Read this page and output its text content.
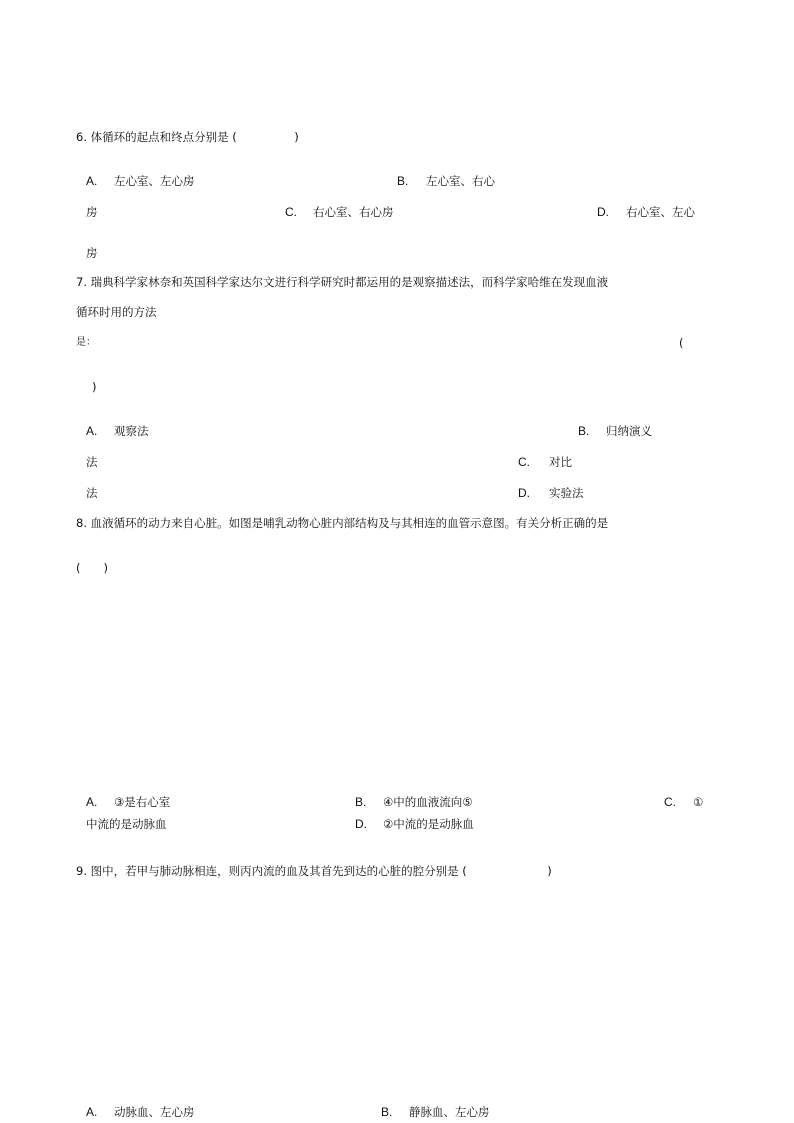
6. 体循环的起点和终点分别是 (　　　　　)
A. 左心室、左心房	B. 左心室、右心
房	C. 右心室、右心房	D. 右心室、左心
房
7. 瑞典科学家林奈和英国科学家达尔文进行科学研究时都运用的是观察描述法，而科学家哈维在发现血液
循环时用的方法
是：	(
)
A. 观察法	B. 归纳演义
法	C. 对比
法	D. 实验法
8. 血液循环的动力来自心脏。如图是哺乳动物心脏内部结构及与其相连的血管示意图。有关分析正确的是
(　　)
A. ③是右心室	B. ④中的血液流向⑤	C. ①
中流的是动脉血	D. ②中流的是动脉血
9. 图中，若甲与肺动脉相连，则丙内流的血及其首先到达的心脏的腔分别是 (　　　　　　　)
A. 动脉血、左心房	B. 静脉血、左心房
